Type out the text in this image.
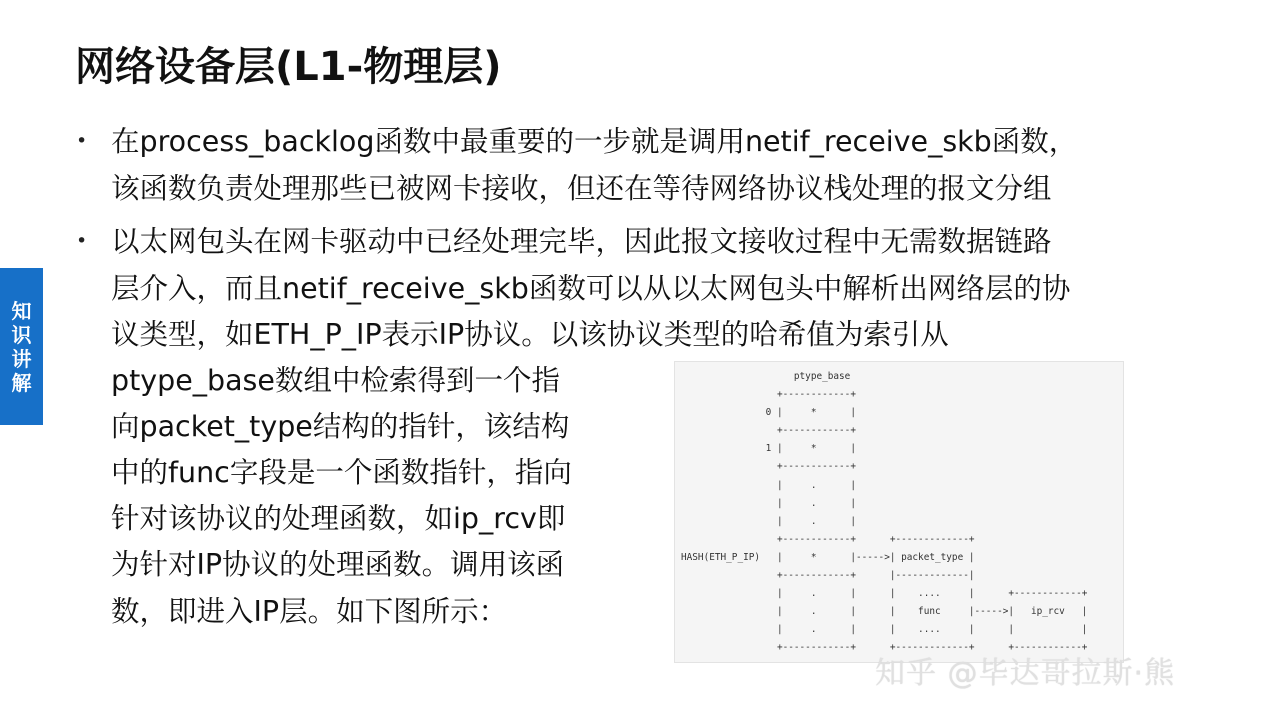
网络设备层(L1-物理层)
知
识
讲
解
•
•
在process_backlog函数中最重要的一步就是调用netif_receive_skb函数，
该函数负责处理那些已被网卡接收，但还在等待网络协议栈处理的报文分组
以太网包头在网卡驱动中已经处理完毕，因此报文接收过程中无需数据链路
层介入，而且netif_receive_skb函数可以从以太网包头中解析出网络层的协
议类型，如ETH_P_IP表示IP协议。以该协议类型的哈希值为索引从
ptype_base数组中检索得到一个指
向packet_type结构的指针，该结构
中的func字段是一个函数指针，指向
针对该协议的处理函数，如ip_rcv即
为针对IP协议的处理函数。调用该函
数，即进入IP层。如下图所示：
ptype_base
+------------+
0 |     *      |
+------------+
1 |     *      |
+------------+
|     .      |
|     .      |
|     .      |
+------------+      +-------------+
HASH(ETH_P_IP)   |     *      |----->| packet_type |
+------------+      |-------------|
|     .      |      |    ....     |      +------------+
|     .      |      |    func     |----->|   ip_rcv   |
|     .      |      |    ....     |      |            |
+------------+      +-------------+      +------------+
知乎 @毕达哥拉斯·熊
